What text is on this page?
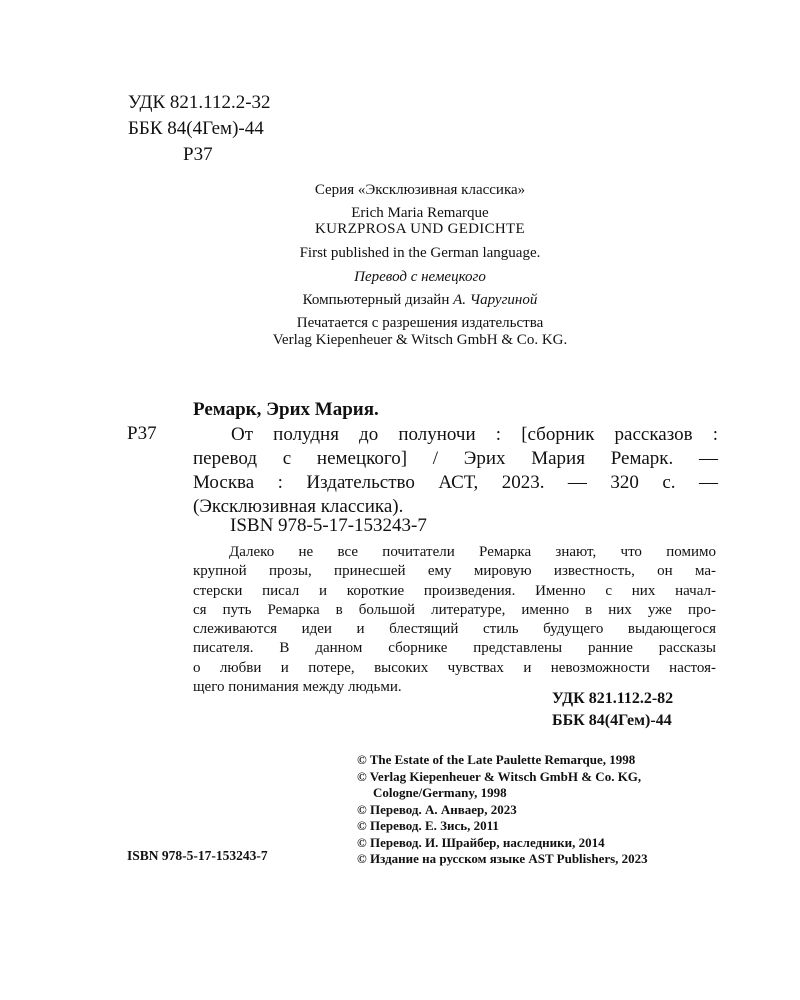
УДК 821.112.2-32
ББК 84(4Гем)-44
Р37
Серия «Эксклюзивная классика»
Erich Maria Remarque
KURZPROSA UND GEDICHTE
First published in the German language.
Перевод с немецкого
Компьютерный дизайн А. Чаругиной
Печатается с разрешения издательства
Verlag Kiepenheuer & Witsch GmbH & Co. KG.
Ремарк, Эрих Мария.
Р37	От полудня до полуночи : [сборник рассказов :
перевод с немецкого] / Эрих Мария Ремарк. —
Москва : Издательство АСТ, 2023. — 320 с. —
(Эксклюзивная классика).
ISBN 978-5-17-153243-7
Далеко не все почитатели Ремарка знают, что помимо
крупной прозы, принесшей ему мировую известность, он ма-
стерски писал и короткие произведения. Именно с них начал-
ся путь Ремарка в большой литературе, именно в них уже про-
слеживаются идеи и блестящий стиль будущего выдающегося
писателя. В данном сборнике представлены ранние рассказы
о любви и потере, высоких чувствах и невозможности настоя-
щего понимания между людьми.
УДК 821.112.2-82
ББК 84(4Гем)-44
© The Estate of the Late Paulette Remarque, 1998
© Verlag Kiepenheuer & Witsch GmbH & Co. KG,
Cologne/Germany, 1998
© Перевод. А. Анваер, 2023
© Перевод. Е. Зись, 2011
© Перевод. И. Шрайбер, наследники, 2014
© Издание на русском языке AST Publishers, 2023
ISBN 978-5-17-153243-7
